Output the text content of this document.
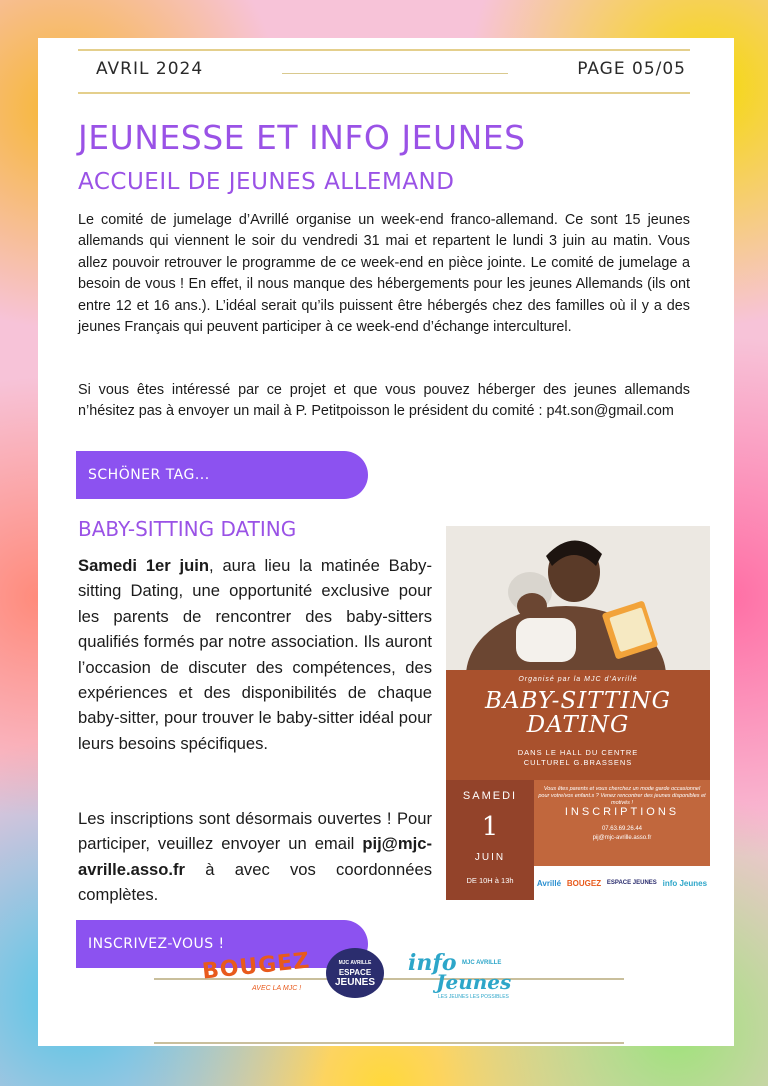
AVRIL 2024	PAGE 05/05
JEUNESSE ET INFO JEUNES
ACCUEIL DE JEUNES ALLEMAND

Le comité de jumelage d’Avrillé organise un week-end franco-allemand. Ce sont 15 jeunes allemands qui viennent le soir du vendredi 31 mai et repartent le lundi 3 juin au matin. Vous allez pouvoir retrouver le programme de ce week-end en pièce jointe. Le comité de jumelage a besoin de vous ! En effet, il nous manque des hébergements pour les jeunes Allemands (ils ont entre 12 et 16 ans.). L’idéal serait qu’ils puissent être hébergés chez des familles où il y a des jeunes Français qui peuvent participer à ce week-end d’échange interculturel.

Si vous êtes intéressé par ce projet et que vous pouvez héberger des jeunes allemands n’hésitez pas à envoyer un mail à P. Petitpoisson le président du comité : p4t.son@gmail.com

SCHÖNER TAG...
BABY-SITTING DATING

Samedi 1er juin, aura lieu la matinée Baby-sitting Dating, une opportunité exclusive pour les parents de rencontrer des baby-sitters qualifiés formés par notre association. Ils auront l’occasion de discuter des compétences, des expériences et des disponibilités de chaque baby-sitter, pour trouver le baby-sitter idéal pour leurs besoins spécifiques.

Les inscriptions sont désormais ouvertes ! Pour participer, veuillez envoyer un email pij@mjc-avrille.asso.fr à avec vos coordonnées complètes.

INSCRIVEZ-VOUS !
Organisé par la MJC d'Avrillé
BABY-SITTING
DATING
DANS LE HALL DU CENTRE
CULTUREL G.BRASSENS
SAMEDI
1
JUIN
DE 10H à 13h
Vous êtes parents et vous cherchez un mode garde occasionnel pour votre/vos enfant.s ? Venez rencontrer des jeunes disponibles et motivés !
INSCRIPTIONS
07.63.69.26.44
pij@mjc-avrille.asso.fr
Avrillé BOUGEZ ESPACE JEUNES info Jeunes
BOUGEZ
AVEC LA MJC !
MJC AVRILLE
ESPACE
JEUNES
info MJC AVRILLE
Jeunes
LES JEUNES LES POSSIBLES
